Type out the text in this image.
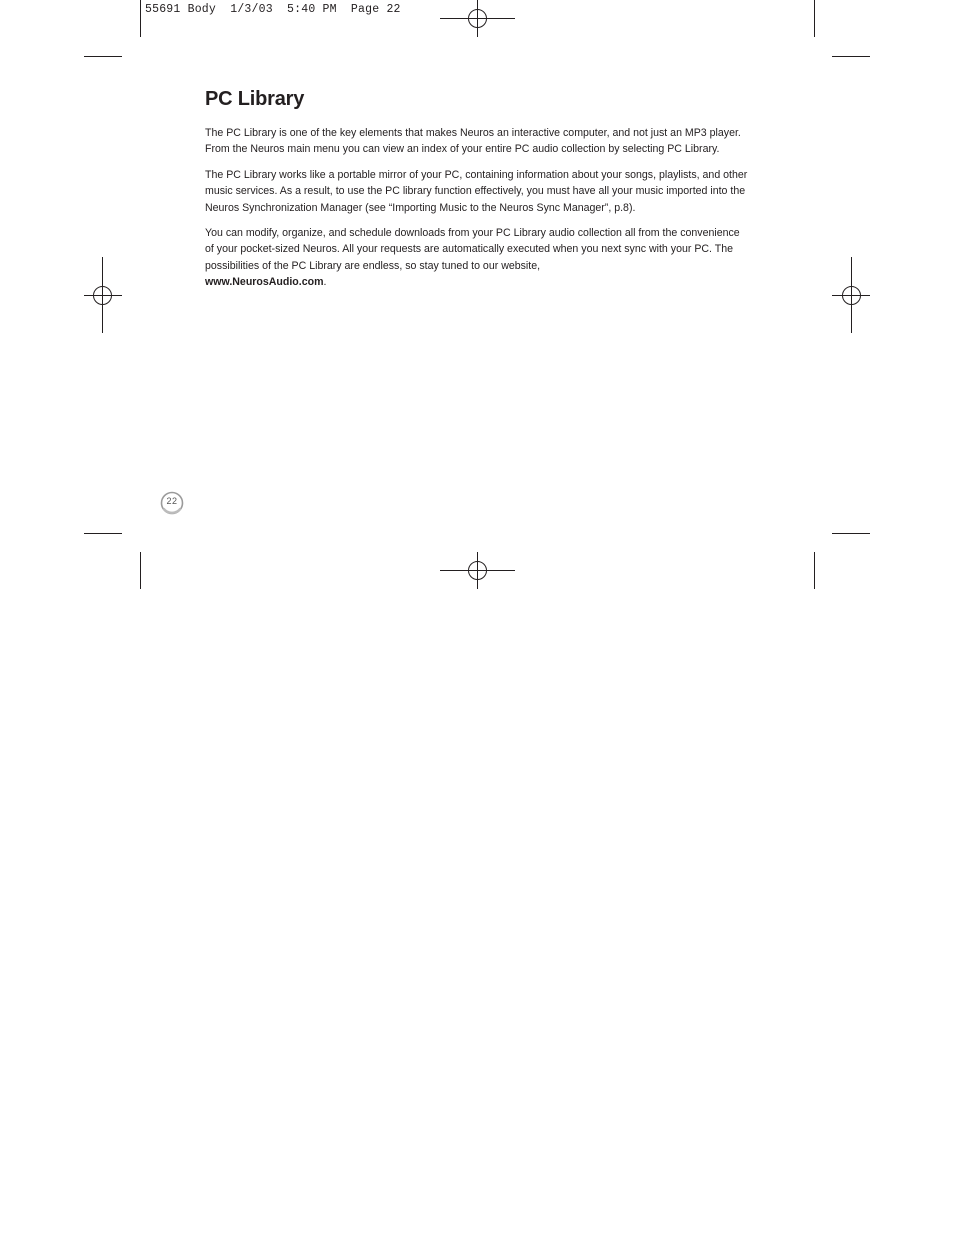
55691 Body  1/3/03  5:40 PM  Page 22
PC Library

The PC Library is one of the key elements that makes Neuros an interactive computer, and not just an MP3 player. From the Neuros main menu you can view an index of your entire PC audio collection by selecting PC Library.

The PC Library works like a portable mirror of your PC, containing information about your songs, playlists, and other music services. As a result, to use the PC library function effectively, you must have all your music imported into the Neuros Synchronization Manager (see “Importing Music to the Neuros Sync Manager”, p.8).

You can modify, organize, and schedule downloads from your PC Library audio collection all from the convenience of your pocket-sized Neuros. All your requests are automatically executed when you next sync with your PC. The possibilities of the PC Library are endless, so stay tuned to our website,
www.NeurosAudio.com.

22
